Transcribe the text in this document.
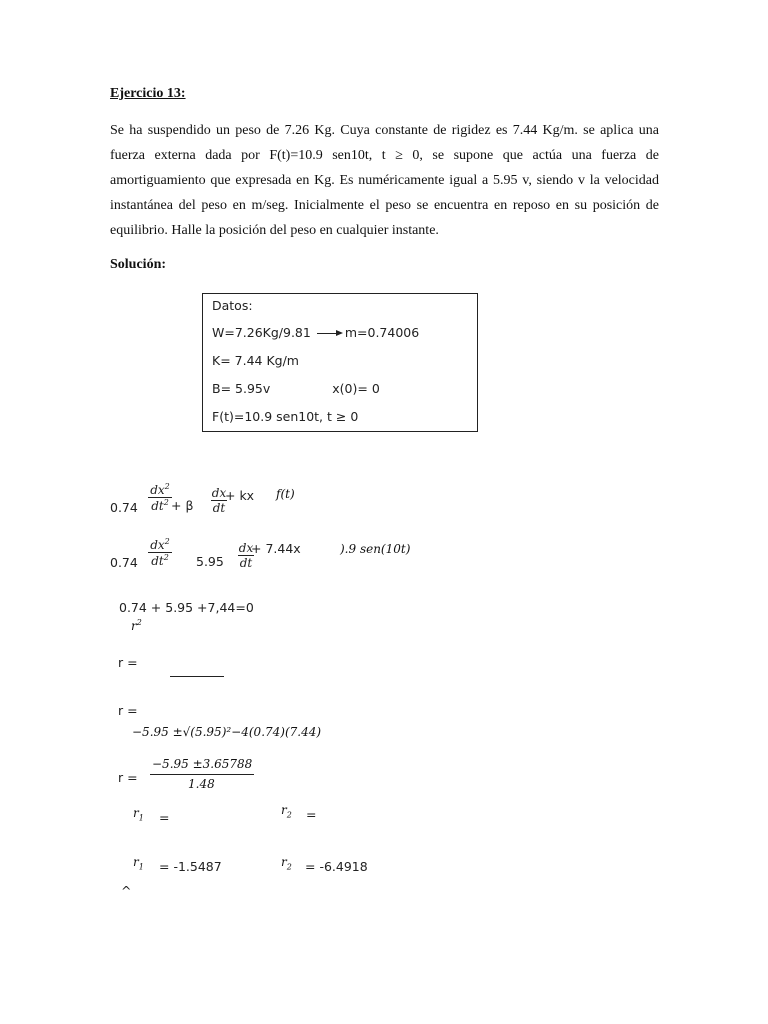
Ejercicio 13:
Se ha suspendido un peso de 7.26 Kg. Cuya constante de rigidez es 7.44 Kg/m. se aplica una fuerza externa dada por F(t)=10.9 sen10t, t ≥ 0, se supone que actúa una fuerza de amortiguamiento que expresada en Kg. Es numéricamente igual a 5.95 v, siendo v la velocidad instantánea del peso en m/seg. Inicialmente el peso se encuentra en reposo en su posición de equilibrio. Halle la posición del peso en cualquier instante.
Solución:
Datos:
W=7.26Kg/9.81	m=0.74006
K= 7.44 Kg/m
B= 5.95v	x(0)= 0
F(t)=10.9 sen10t, t ≥ 0
$0.74 \frac{dx^2}{dt^2} + \beta \frac{dx}{dt}$
+ kx 𝑓(𝑡)
$0.74 \frac{dx^2}{dt^2} 5.95 \frac{dx}{dt}$
+ 7.44x	).9 𝑠𝑒𝑛(10𝑡)
0.74 + 5.95 +7,44=0
$r^2$
r =
r =
−5.95 ±√(5.95)²−4(0.74)(7.44)
r =
−5.95 ±3.65788
1.48
$r_1$ =	$r_2$ =
$r_1 = -1.5487$	$r_2 = -6.4918$
^
